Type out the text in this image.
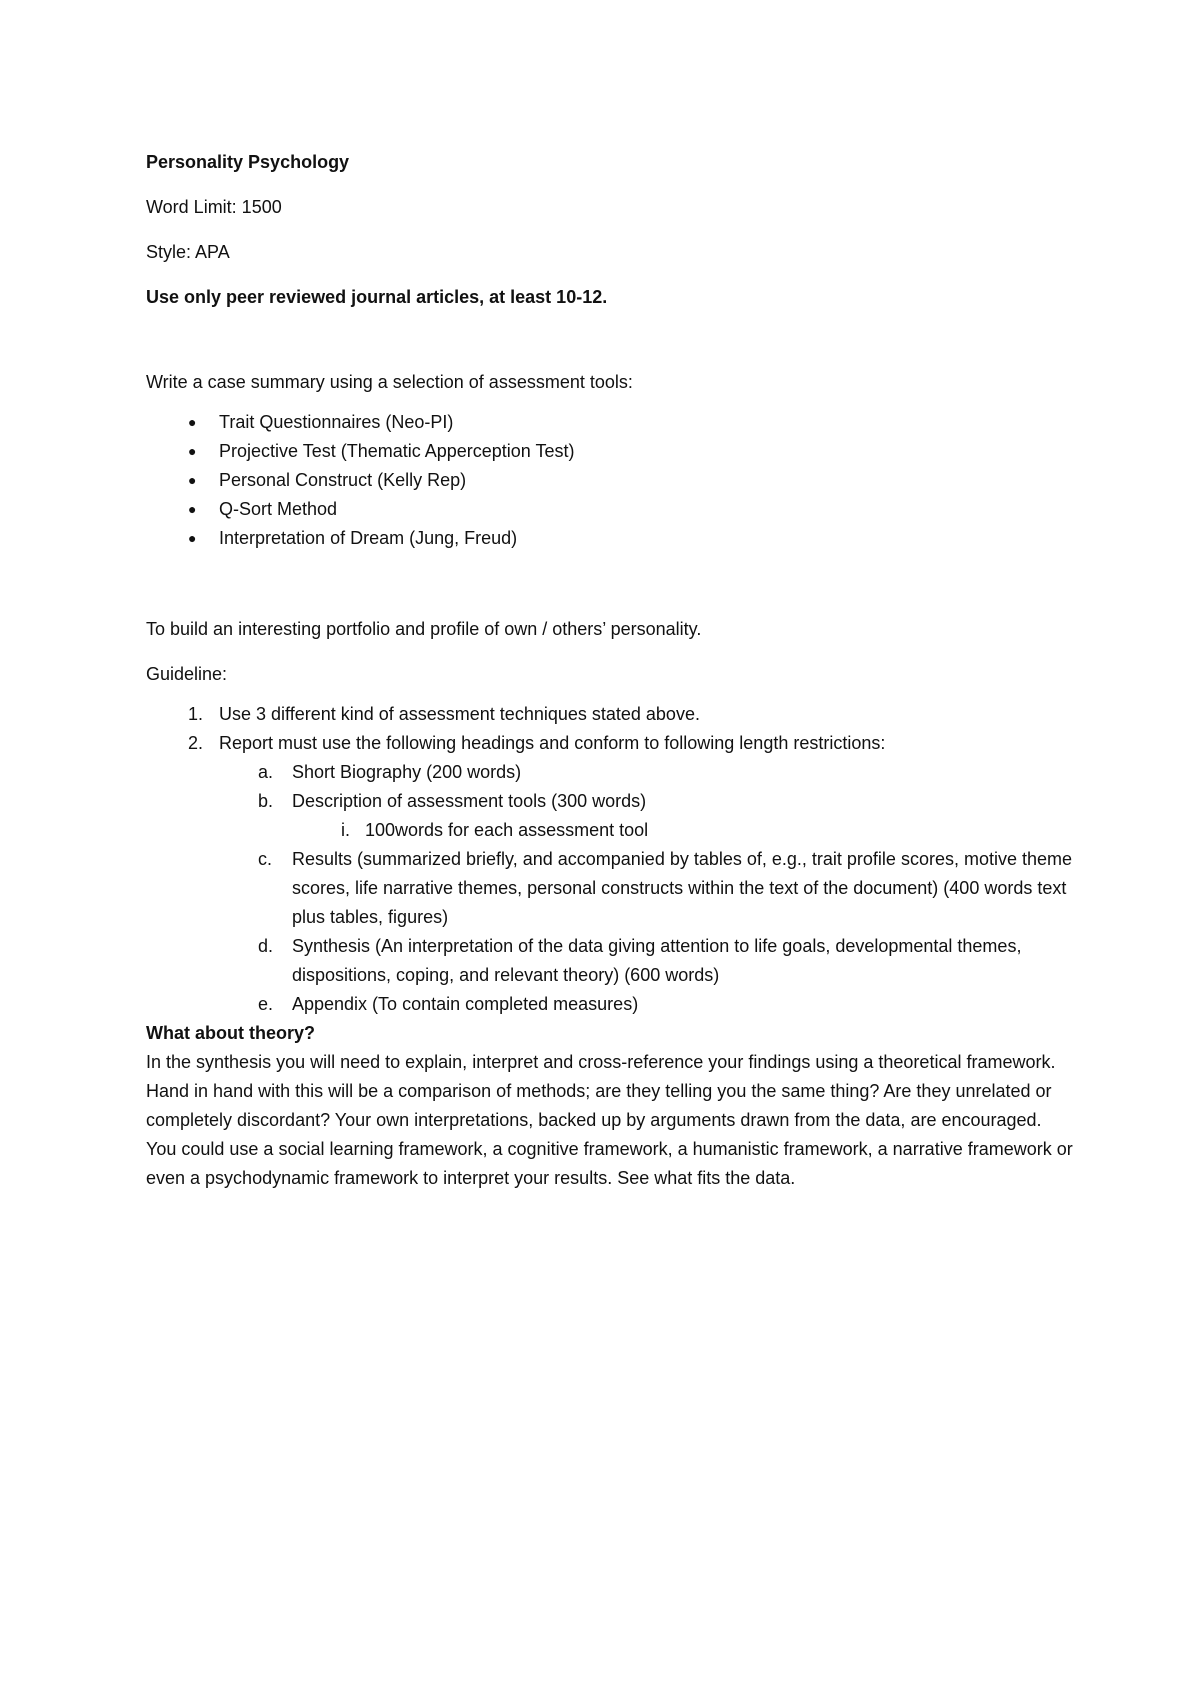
Personality Psychology

Word Limit: 1500

Style: APA

Use only peer reviewed journal articles, at least 10-12.

Write a case summary using a selection of assessment tools:

● Trait Questionnaires (Neo-PI)
● Projective Test (Thematic Apperception Test)
● Personal Construct (Kelly Rep)
● Q-Sort Method
● Interpretation of Dream (Jung, Freud)

To build an interesting portfolio and profile of own / others’ personality.

Guideline:

1. Use 3 different kind of assessment techniques stated above.
2. Report must use the following headings and conform to following length restrictions:
a. Short Biography (200 words)
b. Description of assessment tools (300 words)
i. 100words for each assessment tool
c. Results (summarized briefly, and accompanied by tables of, e.g., trait profile scores, motive theme scores, life narrative themes, personal constructs within the text of the document) (400 words text plus tables, figures)
d. Synthesis (An interpretation of the data giving attention to life goals, developmental themes, dispositions, coping, and relevant theory) (600 words)
e. Appendix (To contain completed measures)

What about theory?

In the synthesis you will need to explain, interpret and cross-reference your findings using a theoretical framework. Hand in hand with this will be a comparison of methods; are they telling you the same thing? Are they unrelated or completely discordant? Your own interpretations, backed up by arguments drawn from the data, are encouraged. You could use a social learning framework, a cognitive framework, a humanistic framework, a narrative framework or even a psychodynamic framework to interpret your results. See what fits the data.
